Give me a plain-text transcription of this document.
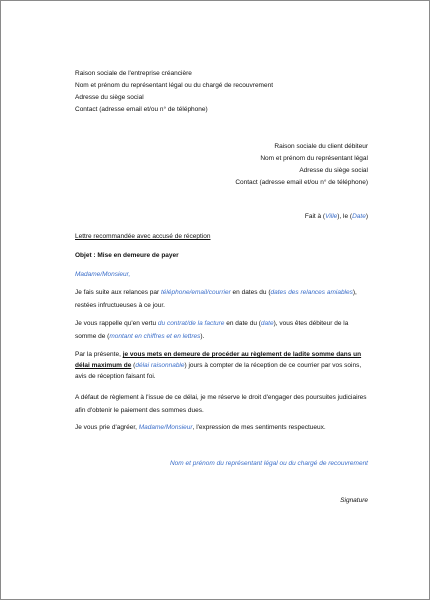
Raison sociale de l'entreprise créancière
Nom et prénom du représentant légal ou du chargé de recouvrement
Adresse du siège social
Contact (adresse email et/ou n° de téléphone)
Raison sociale du client débiteur
Nom et prénom du représentant légal
Adresse du siège social
Contact (adresse email et/ou n° de téléphone)
Fait à (Ville), le (Date)
Lettre recommandée avec accusé de réception
Objet : Mise en demeure de payer
Madame/Monsieur,

Je fais suite aux relances par téléphone/email/courrier en dates du (dates des relances amiables),

restées infructueuses à ce jour.

Je vous rappelle qu'en vertu du contrat/de la facture en date du (date), vous êtes débiteur de la

somme de (montant en chiffres et en lettres).

Par la présente, je vous mets en demeure de procéder au règlement de ladite somme dans un

délai maximum de (délai raisonnable) jours à compter de la réception de ce courrier par vos soins,

avis de réception faisant foi.

A défaut de règlement à l'issue de ce délai, je me réserve le droit d'engager des poursuites judiciaires

afin d'obtenir le paiement des sommes dues.

Je vous prie d'agréer, Madame/Monsieur, l'expression de mes sentiments respectueux.

Nom et prénom du représentant légal ou du chargé de recouvrement
Signature
